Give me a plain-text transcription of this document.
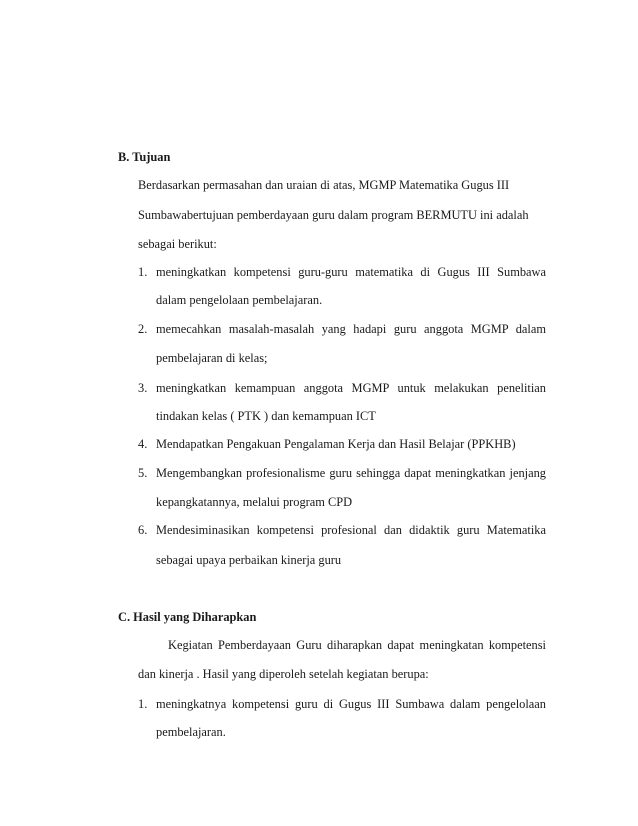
B. Tujuan
Berdasarkan permasahan dan uraian di atas, MGMP Matematika Gugus III
Sumbawabertujuan pemberdayaan guru dalam program BERMUTU ini adalah
sebagai berikut:
1. meningkatkan kompetensi guru-guru matematika di Gugus III Sumbawa
dalam pengelolaan pembelajaran.
2. memecahkan masalah-masalah yang hadapi guru anggota MGMP dalam
pembelajaran di kelas;
3. meningkatkan kemampuan anggota MGMP untuk melakukan penelitian
tindakan kelas ( PTK ) dan kemampuan ICT
4. Mendapatkan Pengakuan Pengalaman Kerja dan Hasil Belajar (PPKHB)
5. Mengembangkan profesionalisme guru sehingga dapat meningkatkan jenjang
kepangkatannya, melalui program CPD
6. Mendesiminasikan kompetensi profesional dan didaktik guru Matematika
sebagai upaya perbaikan kinerja guru
C. Hasil yang Diharapkan
Kegiatan Pemberdayaan Guru diharapkan dapat meningkatan kompetensi
dan kinerja . Hasil yang diperoleh setelah kegiatan berupa:
1. meningkatnya kompetensi guru di Gugus III Sumbawa dalam pengelolaan
pembelajaran.
